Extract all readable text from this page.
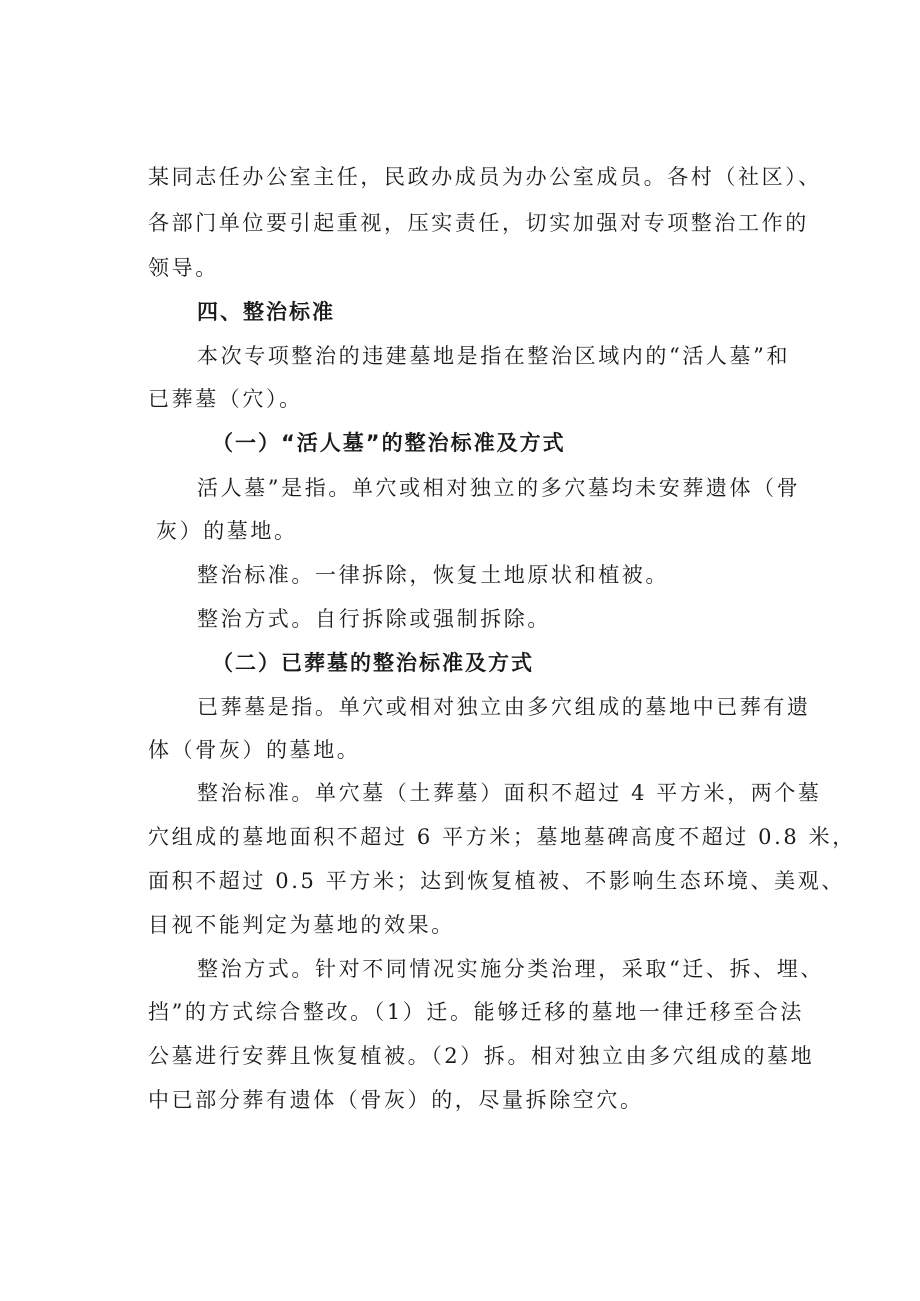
某同志任办公室主任，民政办成员为办公室成员。各村（社区）、
各部门单位要引起重视，压实责任，切实加强对专项整治工作的
领导。
四、整治标准
本次专项整治的违建墓地是指在整治区域内的“活人墓”和
已葬墓（穴）。
（一）“活人墓”的整治标准及方式
活人墓”是指。单穴或相对独立的多穴墓均未安葬遗体（骨
灰）的墓地。
整治标准。一律拆除，恢复土地原状和植被。
整治方式。自行拆除或强制拆除。
（二）已葬墓的整治标准及方式
已葬墓是指。单穴或相对独立由多穴组成的墓地中已葬有遗
体（骨灰）的墓地。
整治标准。单穴墓（土葬墓）面积不超过 4 平方米，两个墓
穴组成的墓地面积不超过 6 平方米；墓地墓碑高度不超过 0.8 米，
面积不超过 0.5 平方米；达到恢复植被、不影响生态环境、美观、
目视不能判定为墓地的效果。
整治方式。针对不同情况实施分类治理，采取“迁、拆、埋、
挡”的方式综合整改。（1）迁。能够迁移的墓地一律迁移至合法
公墓进行安葬且恢复植被。（2）拆。相对独立由多穴组成的墓地
中已部分葬有遗体（骨灰）的，尽量拆除空穴。
